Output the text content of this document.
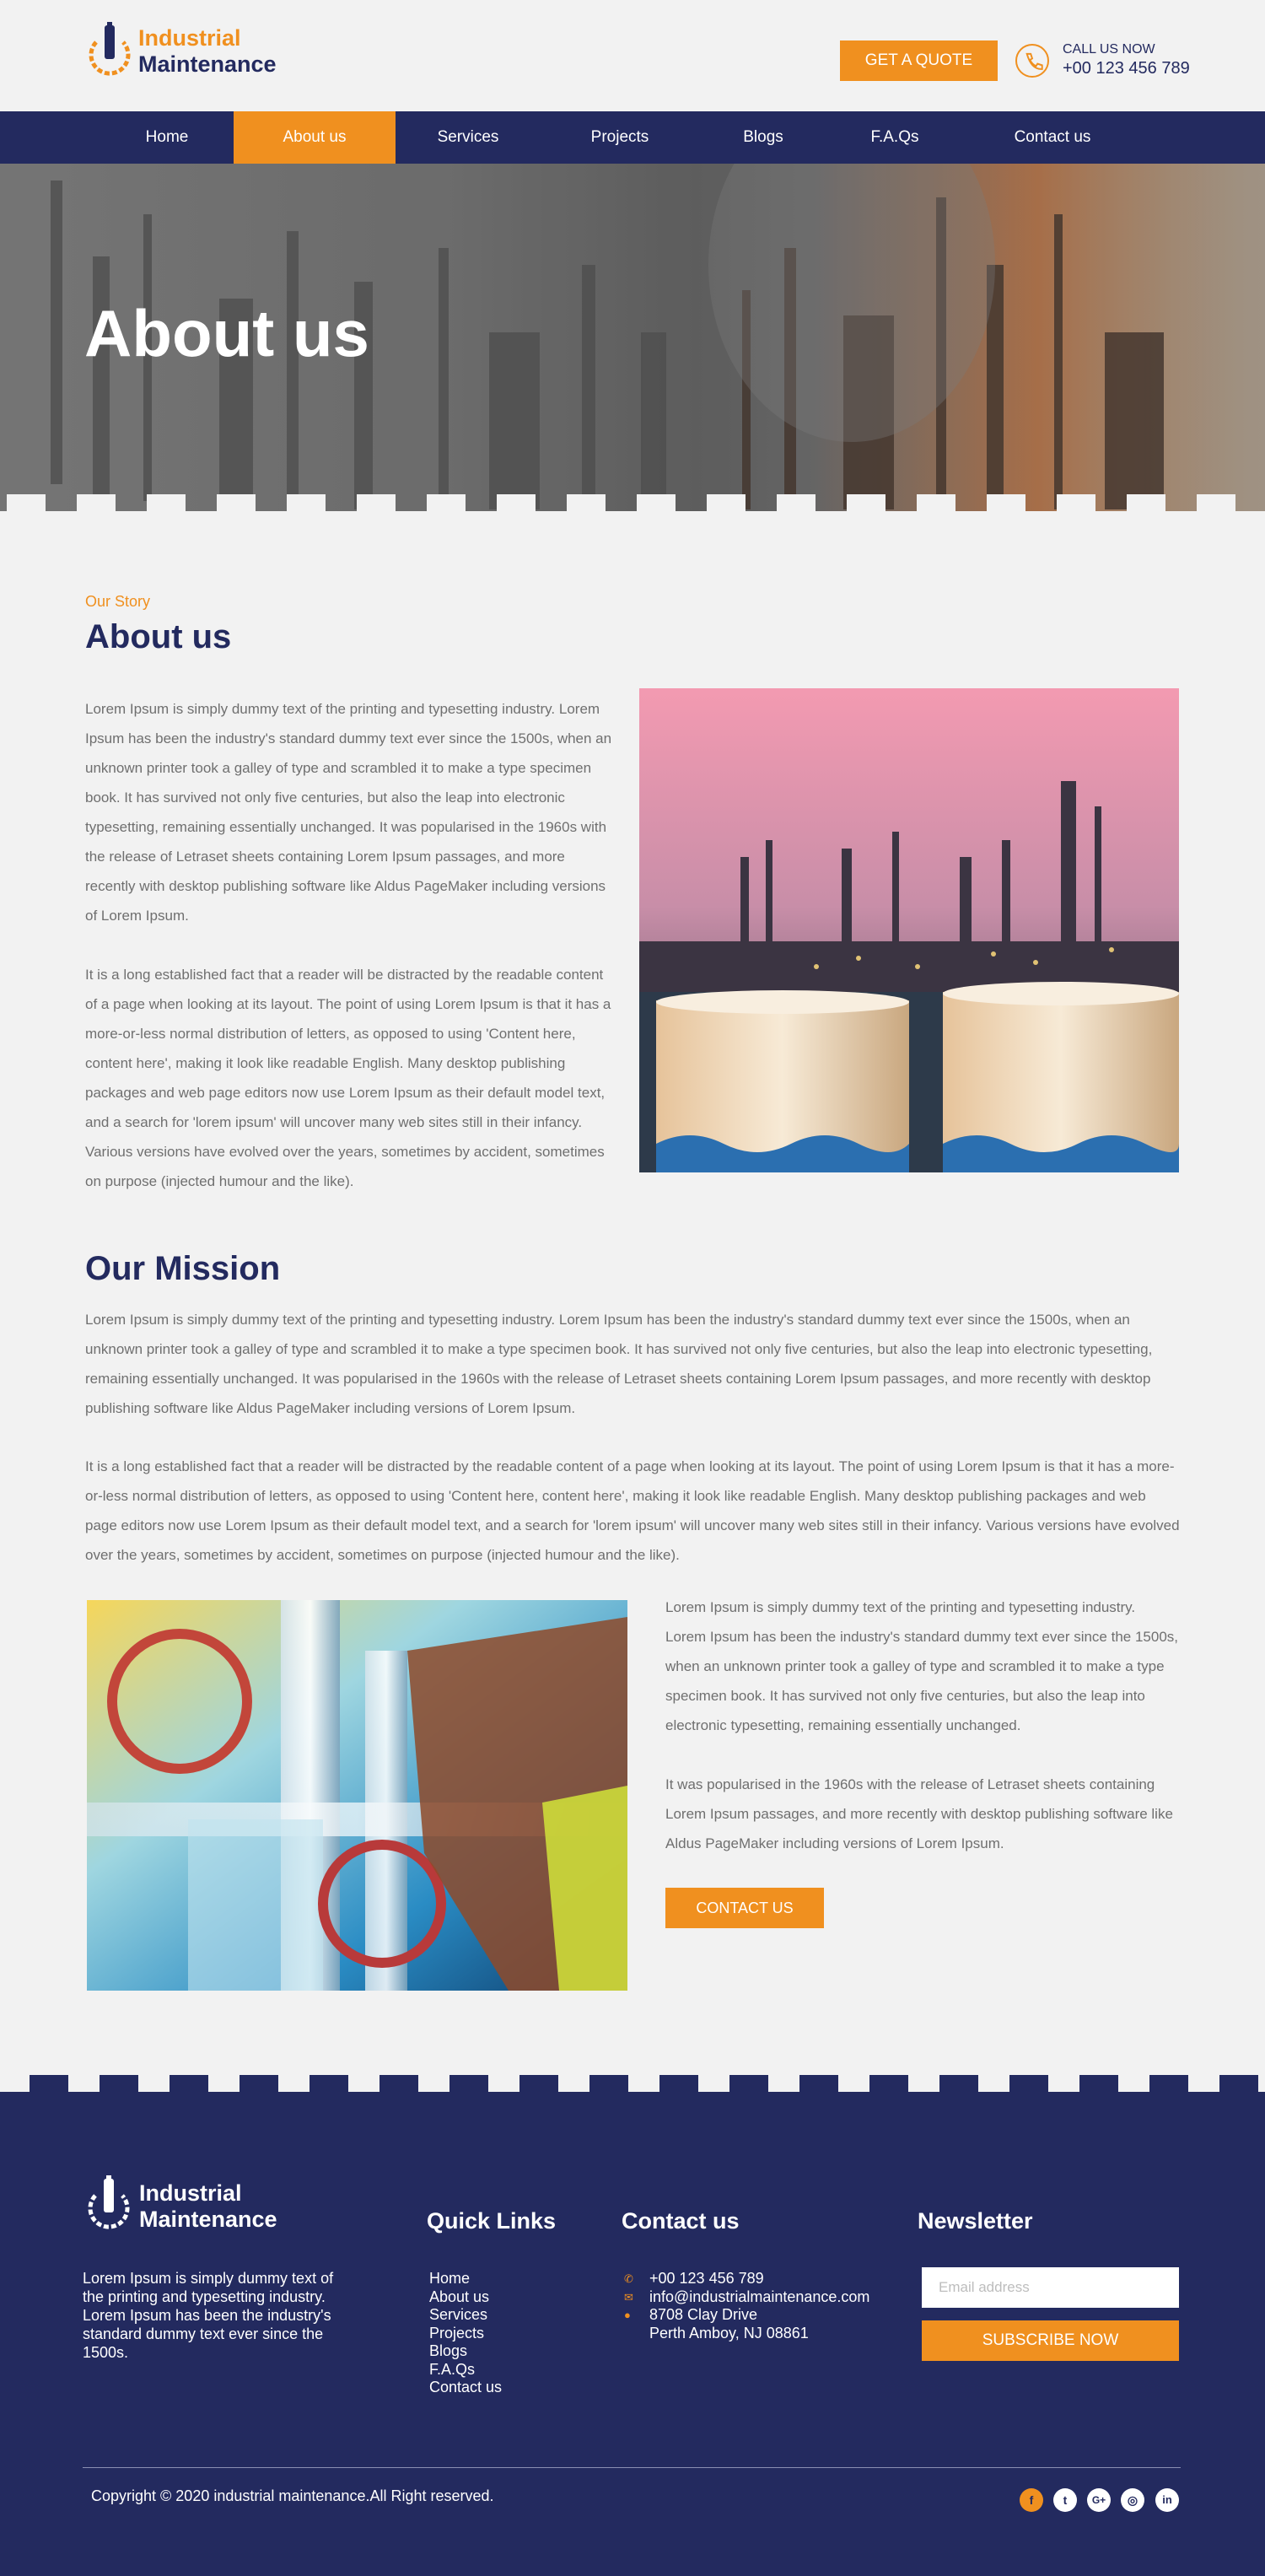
Industrial
Maintenance	GET A QUOTE
CALL US NOW
+00 123 456 789
Home	About us	Services	Projects	Blogs	F.A.Qs	Contact us
About us
Our Story
About us
Lorem Ipsum is simply dummy text of the printing and typesetting industry. Lorem Ipsum has been the industry's standard dummy text ever since the 1500s, when an unknown printer took a galley of type and scrambled it to make a type specimen book. It has survived not only five centuries, but also the leap into electronic typesetting, remaining essentially unchanged. It was popularised in the 1960s with the release of Letraset sheets containing Lorem Ipsum passages, and more recently with desktop publishing software like Aldus PageMaker including versions of Lorem Ipsum.
It is a long established fact that a reader will be distracted by the readable content of a page when looking at its layout. The point of using Lorem Ipsum is that it has a more-or-less normal distribution of letters, as opposed to using 'Content here, content here', making it look like readable English. Many desktop publishing packages and web page editors now use Lorem Ipsum as their default model text, and a search for 'lorem ipsum' will uncover many web sites still in their infancy. Various versions have evolved over the years, sometimes by accident, sometimes on purpose (injected humour and the like).
Our Mission
Lorem Ipsum is simply dummy text of the printing and typesetting industry. Lorem Ipsum has been the industry's standard dummy text ever since the 1500s, when an unknown printer took a galley of type and scrambled it to make a type specimen book. It has survived not only five centuries, but also the leap into electronic typesetting, remaining essentially unchanged. It was popularised in the 1960s with the release of Letraset sheets containing Lorem Ipsum passages, and more recently with desktop publishing software like Aldus PageMaker including versions of Lorem Ipsum.
It is a long established fact that a reader will be distracted by the readable content of a page when looking at its layout. The point of using Lorem Ipsum is that it has a more-or-less normal distribution of letters, as opposed to using 'Content here, content here', making it look like readable English. Many desktop publishing packages and web page editors now use Lorem Ipsum as their default model text, and a search for 'lorem ipsum' will uncover many web sites still in their infancy. Various versions have evolved over the years, sometimes by accident, sometimes on purpose (injected humour and the like).
Lorem Ipsum is simply dummy text of the printing and typesetting industry. Lorem Ipsum has been the industry's standard dummy text ever since the 1500s, when an unknown printer took a galley of type and scrambled it to make a type specimen book. It has survived not only five centuries, but also the leap into electronic typesetting, remaining essentially unchanged.
It was popularised in the 1960s with the release of Letraset sheets containing Lorem Ipsum passages, and more recently with desktop publishing software like Aldus PageMaker including versions of Lorem Ipsum.
CONTACT US
Industrial
Maintenance
Lorem Ipsum is simply dummy text of the printing and typesetting industry. Lorem Ipsum has been the industry's standard dummy text ever since the 1500s.
Quick Links
Home
About us
Services
Projects
Blogs
F.A.Qs
Contact us
Contact us
✆ +00 123 456 789
✉ info@industrialmaintenance.com
●	8708 Clay Drive
Perth Amboy, NJ 08861
Newsletter
Email address
SUBSCRIBE NOW
Copyright © 2020 industrial maintenance.All Right reserved.	f	t	G+	◎	in
